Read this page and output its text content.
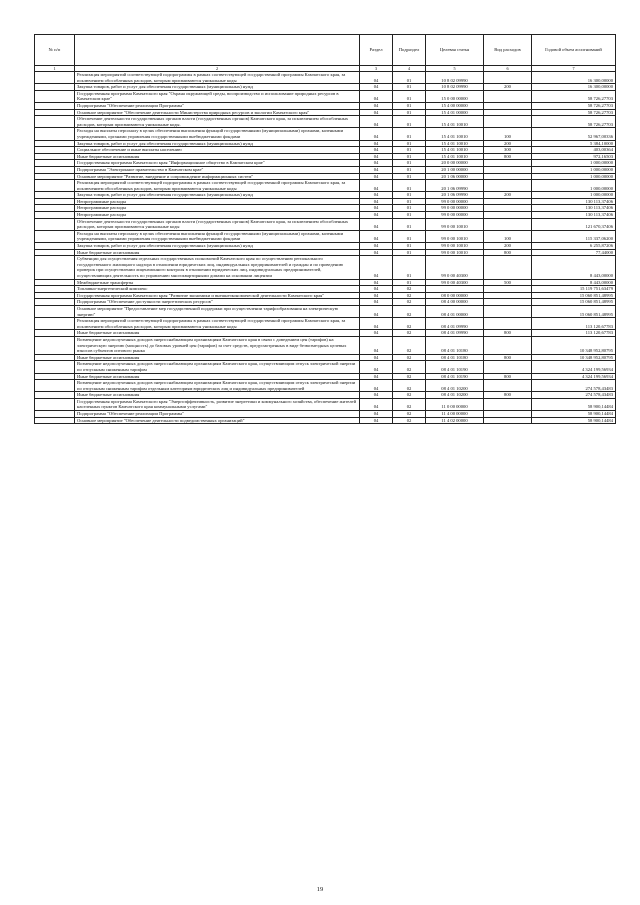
№ п/п		Раздел	Подраздел	Целевая статья	Вид расходов	Годовой объем ассигнований
1	2	3	4	5	6	7
	Реализация мероприятий соответствующей подпрограммы в рамках соответствующей государственной программы Камчатского края, за исключением обособленных расходов, которым присваиваются уникальные коды	04	01	10 8 02 09990		16 300,00000
	Закупка товаров, работ и услуг для обеспечения государственных (муниципальных) нужд	04	01	10 8 02 09990	200	16 300,00000
	Государственная программа Камчатского края "Охрана окружающей среды, воспроизводство и использование природных ресурсов в Камчатском крае"	04	01	15 0 00 00000		58 726,27703
	Подпрограмма "Обеспечение реализации Программы"	04	01	15 4 00 00000		58 726,27703
	Основное мероприятие "Обеспечение деятельности Министерства природных ресурсов и экологии Камчатского края"	04	01	15 4 01 00000		58 726,27703
	Обеспечение деятельности государственных органов власти (государственных органов) Камчатского края, за исключением обособленных расходов, которым присваиваются уникальные коды.	04	01	15 4 01 10010		58 726,27703
	Расходы на выплаты персоналу в целях обеспечения выполнения функций государственными (муниципальными) органами, казенными учреждениями, органами управления государственными внебюджетными фондами	04	01	15 4 01 10010	100	52 967,00336
	Закупка товаров, работ и услуг для обеспечения государственных (муниципальных) нужд	04	01	15 4 01 10010	200	5 384,10000
	Социальное обеспечение и иные выплаты населению	04	01	15 4 01 10010	300	403,00364
	Иные бюджетные ассигнования	04	01	15 4 01 10010	800	972,16503
	Государственная программа Камчатского края "Информационное общество в Камчатском крае"	04	01	20 0 00 00000		1 000,00000
	Подпрограмма "Электронное правительство в Камчатском крае"	04	01	20 1 00 00000		1 000,00000
	Основное мероприятие "Развитие, внедрение и сопровождение информационных систем"	04	01	20 1 06 00000		1 000,00000
	Реализация мероприятий соответствующей подпрограммы в рамках соответствующей государственной программы Камчатского края, за исключением обособленных расходов, которым присваиваются уникальные коды	04	01	20 1 06 09990		1 000,00000
	Закупка товаров, работ и услуг для обеспечения государственных (муниципальных) нужд	04	01	20 1 06 09990	200	1 000,00000
	Непрограммные расходы	04	01	99 0 00 00000		130 113,37406
	Непрограммные расходы	04	01	99 0 00 00000		130 113,37406
	Непрограммные расходы	04	01	99 0 00 00000		130 113,37406
	Обеспечение деятельности государственных органов власти (государственных органов) Камчатского края, за исключением обособленных расходов, которым присваиваются уникальные коды	04	01	99 0 00 10010		121 670,37406
	Расходы на выплаты персоналу в целях обеспечения выполнения функций государственными (муниципальными) органами, казенными учреждениями, органами управления государственными внебюджетными фондами	04	01	99 0 00 10010	100	115 337,06200
	Закупка товаров, работ и услуг для обеспечения государственных (муниципальных) нужд	04	01	99 0 00 10010	200	6 255,87206
	Иные бюджетные ассигнования	04	01	99 0 00 10010	800	77,44000
	Субвенции для осуществления отдельных государственных полномочий Камчатского края по осуществлению регионального государственного жилищного надзора в отношении юридических лиц, индивидуальных предпринимателей и граждан и по проведению проверок при осуществлении лицензионного контроля в отношении юридических лиц, индивидуальных предпринимателей, осуществляющих деятельность по управлению многоквартирными домами на основании лицензии	04	01	99 0 00 40300		8 443,00000
	Межбюджетные трансферты	04	01	99 0 00 40300	500	8 443,00000
	Топливно-энергетический комплекс	04	02			15 119 751,63479
	Государственная программа Камчатского края "Развитие экономики и внешнеэкономической деятельности Камчатского края"	04	02	08 0 00 00000		15 060 851,48995
	Подпрограмма "Обеспечение доступности энергетических ресурсов"	04	02	08 4 00 00000		15 060 851,48995
	Основное мероприятие "Предоставление мер государственной поддержки при осуществлении тарифообразования на электрическую энергию"	04	02	08 4 01 00000		15 060 851,48995
	Реализация мероприятий соответствующей подпрограммы в рамках соответствующей государственной программы Камчатского края, за исключением обособленных расходов, которым присваиваются уникальные коды	04	02	08 4 01 09990		113 120,67783
	Иные бюджетные ассигнования	04	02	08 4 01 09990	800	113 120,67783
	Возмещение недополученных доходов энергоснабжающим организациям Камчатского края в связи с доведением цен (тарифов) на электрическую энергию (мощность) до базовых уровней цен (тарифов) за счет средств, предусмотренных в виде безвозмездных целевых взносов субъектов оптового рынка	04	02	08 4 01 10180		10 348 952,80795
	Иные бюджетные ассигнования	04	02	08 4 01 10180	800	10 348 952,80795
	Возмещение недополученных доходов энергоснабжающим организациям Камчатского края, осуществляющим отпуск электрической энергии по отпускным сниженным тарифам	04	02	08 4 01 10190		4 324 199,56934
	Иные бюджетные ассигнования	04	02	08 4 01 10190	800	4 324 199,56934
	Возмещение недополученных доходов энергоснабжающим организациям Камчатского края, осуществляющим отпуск электрической энергии по отпускным сниженным тарифам отдельным категориям юридических лиц и индивидуальных предпринимателей	04	02	08 4 01 10200		274 578,43483
	Иные бюджетные ассигнования	04	02	08 4 01 10200	800	274 578,43483
	Государственная программа Камчатского края "Энергоэффективность, развитие энергетики и коммунального хозяйства, обеспечение жителей населенных пунктов Камчатского края коммунальными услугами"	04	02	11 0 00 00000		58 900,14484
	Подпрограмма "Обеспечение реализации Программы"	04	02	11 4 00 00000		58 900,14484
	Основное мероприятие "Обеспечение деятельности подведомственных организаций"	04	02	11 4 02 00000		58 900,14484
19
